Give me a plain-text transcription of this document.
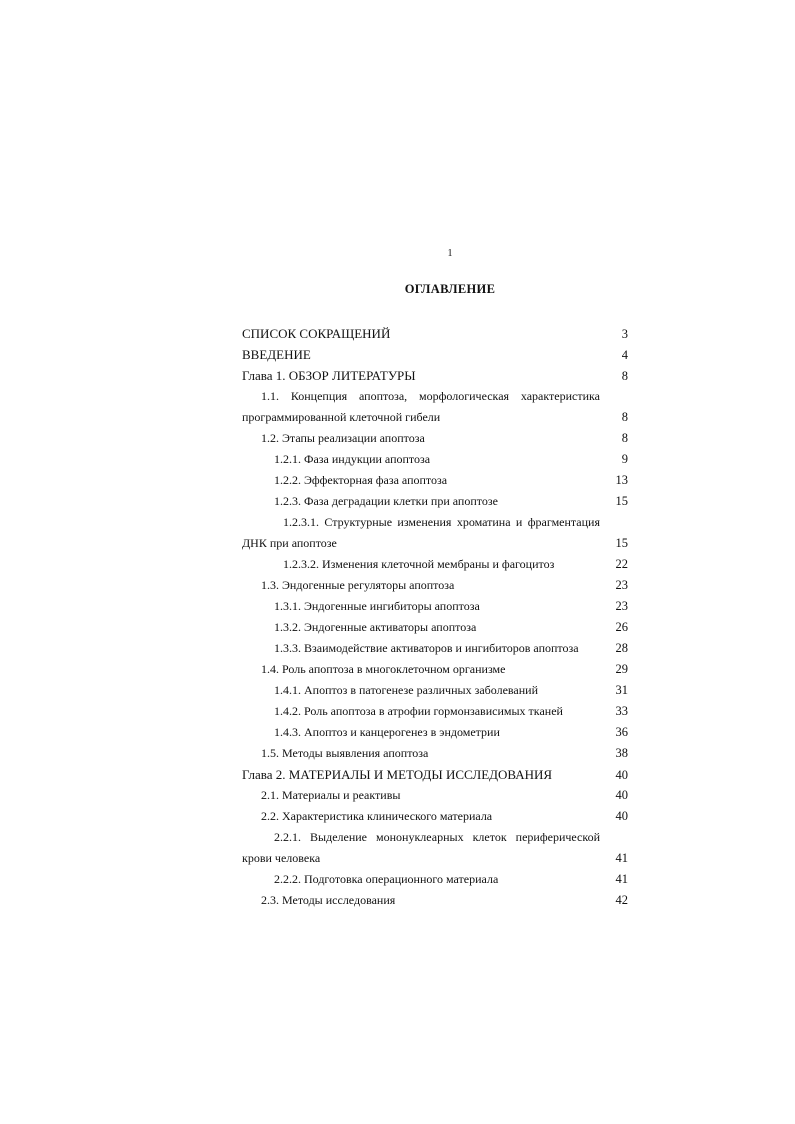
1
ОГЛАВЛЕНИЕ
СПИСОК СОКРАЩЕНИЙ	3
ВВЕДЕНИЕ	4
Глава 1. ОБЗОР ЛИТЕРАТУРЫ	8
1.1. Концепция апоптоза, морфологическая характеристика
программированной клеточной гибели	8
1.2. Этапы реализации апоптоза	8
1.2.1. Фаза индукции апоптоза	9
1.2.2. Эффекторная фаза апоптоза	13
1.2.3. Фаза деградации клетки при апоптозе	15
1.2.3.1. Структурные изменения хроматина и фрагментация
ДНК при апоптозе	15
1.2.3.2. Изменения клеточной мембраны и фагоцитоз	22
1.3. Эндогенные регуляторы апоптоза	23
1.3.1. Эндогенные ингибиторы апоптоза	23
1.3.2. Эндогенные активаторы апоптоза	26
1.3.3. Взаимодействие активаторов и ингибиторов апоптоза	28
1.4. Роль апоптоза в многоклеточном организме	29
1.4.1. Апоптоз в патогенезе различных заболеваний	31
1.4.2. Роль апоптоза в атрофии гормонзависимых тканей	33
1.4.3. Апоптоз и канцерогенез в эндометрии	36
1.5. Методы выявления апоптоза	38
Глава 2. МАТЕРИАЛЫ И МЕТОДЫ ИССЛЕДОВАНИЯ	40
2.1. Материалы и реактивы	40
2.2. Характеристика клинического материала	40
2.2.1. Выделение мононуклеарных клеток периферической
крови человека	41
2.2.2. Подготовка операционного материала	41
2.3. Методы исследования	42
